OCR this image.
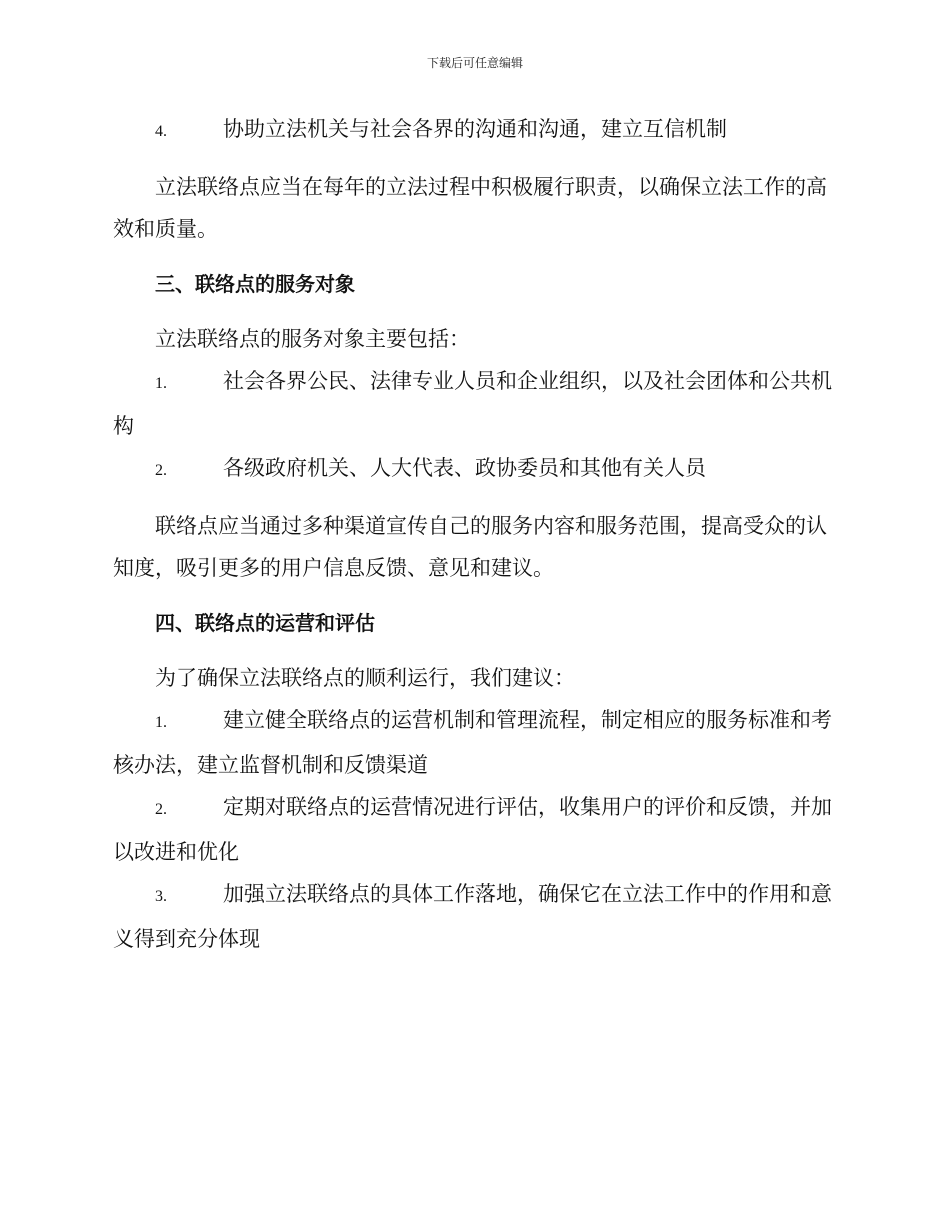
下载后可任意编辑

4.	协助立法机关与社会各界的沟通和沟通，建立互信机制

立法联络点应当在每年的立法过程中积极履行职责，以确保立法工作的高效和质量。

三、联络点的服务对象

立法联络点的服务对象主要包括：

1.	社会各界公民、法律专业人员和企业组织，以及社会团体和公共机构

2.	各级政府机关、人大代表、政协委员和其他有关人员

联络点应当通过多种渠道宣传自己的服务内容和服务范围，提高受众的认知度，吸引更多的用户信息反馈、意见和建议。

四、联络点的运营和评估

为了确保立法联络点的顺利运行，我们建议：

1.	建立健全联络点的运营机制和管理流程，制定相应的服务标准和考核办法，建立监督机制和反馈渠道

2.	定期对联络点的运营情况进行评估，收集用户的评价和反馈，并加以改进和优化

3.	加强立法联络点的具体工作落地，确保它在立法工作中的作用和意义得到充分体现
